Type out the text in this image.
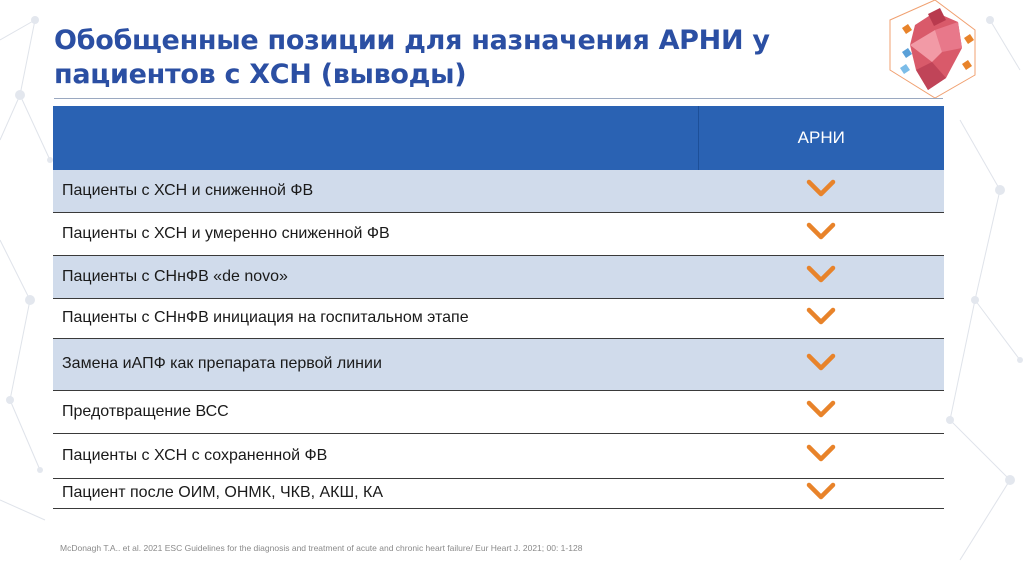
Обобщенные позиции для назначения АРНИ у
пациентов с ХСН (выводы)
	АРНИ
Пациенты с ХСН и сниженной ФВ	
Пациенты с ХСН и умеренно сниженной ФВ	
Пациенты с СНнФВ «de novo»	
Пациенты с СНнФВ инициация на госпитальном этапе	
Замена иАПФ как препарата первой линии	
Предотвращение ВСС	
Пациенты с ХСН с сохраненной ФВ	
Пациент после ОИМ, ОНМК, ЧКВ, АКШ, КА	
McDonagh T.A.. et al. 2021 ESC Guidelines for the diagnosis and treatment of acute and chronic heart failure/ Eur Heart J. 2021; 00: 1-128
